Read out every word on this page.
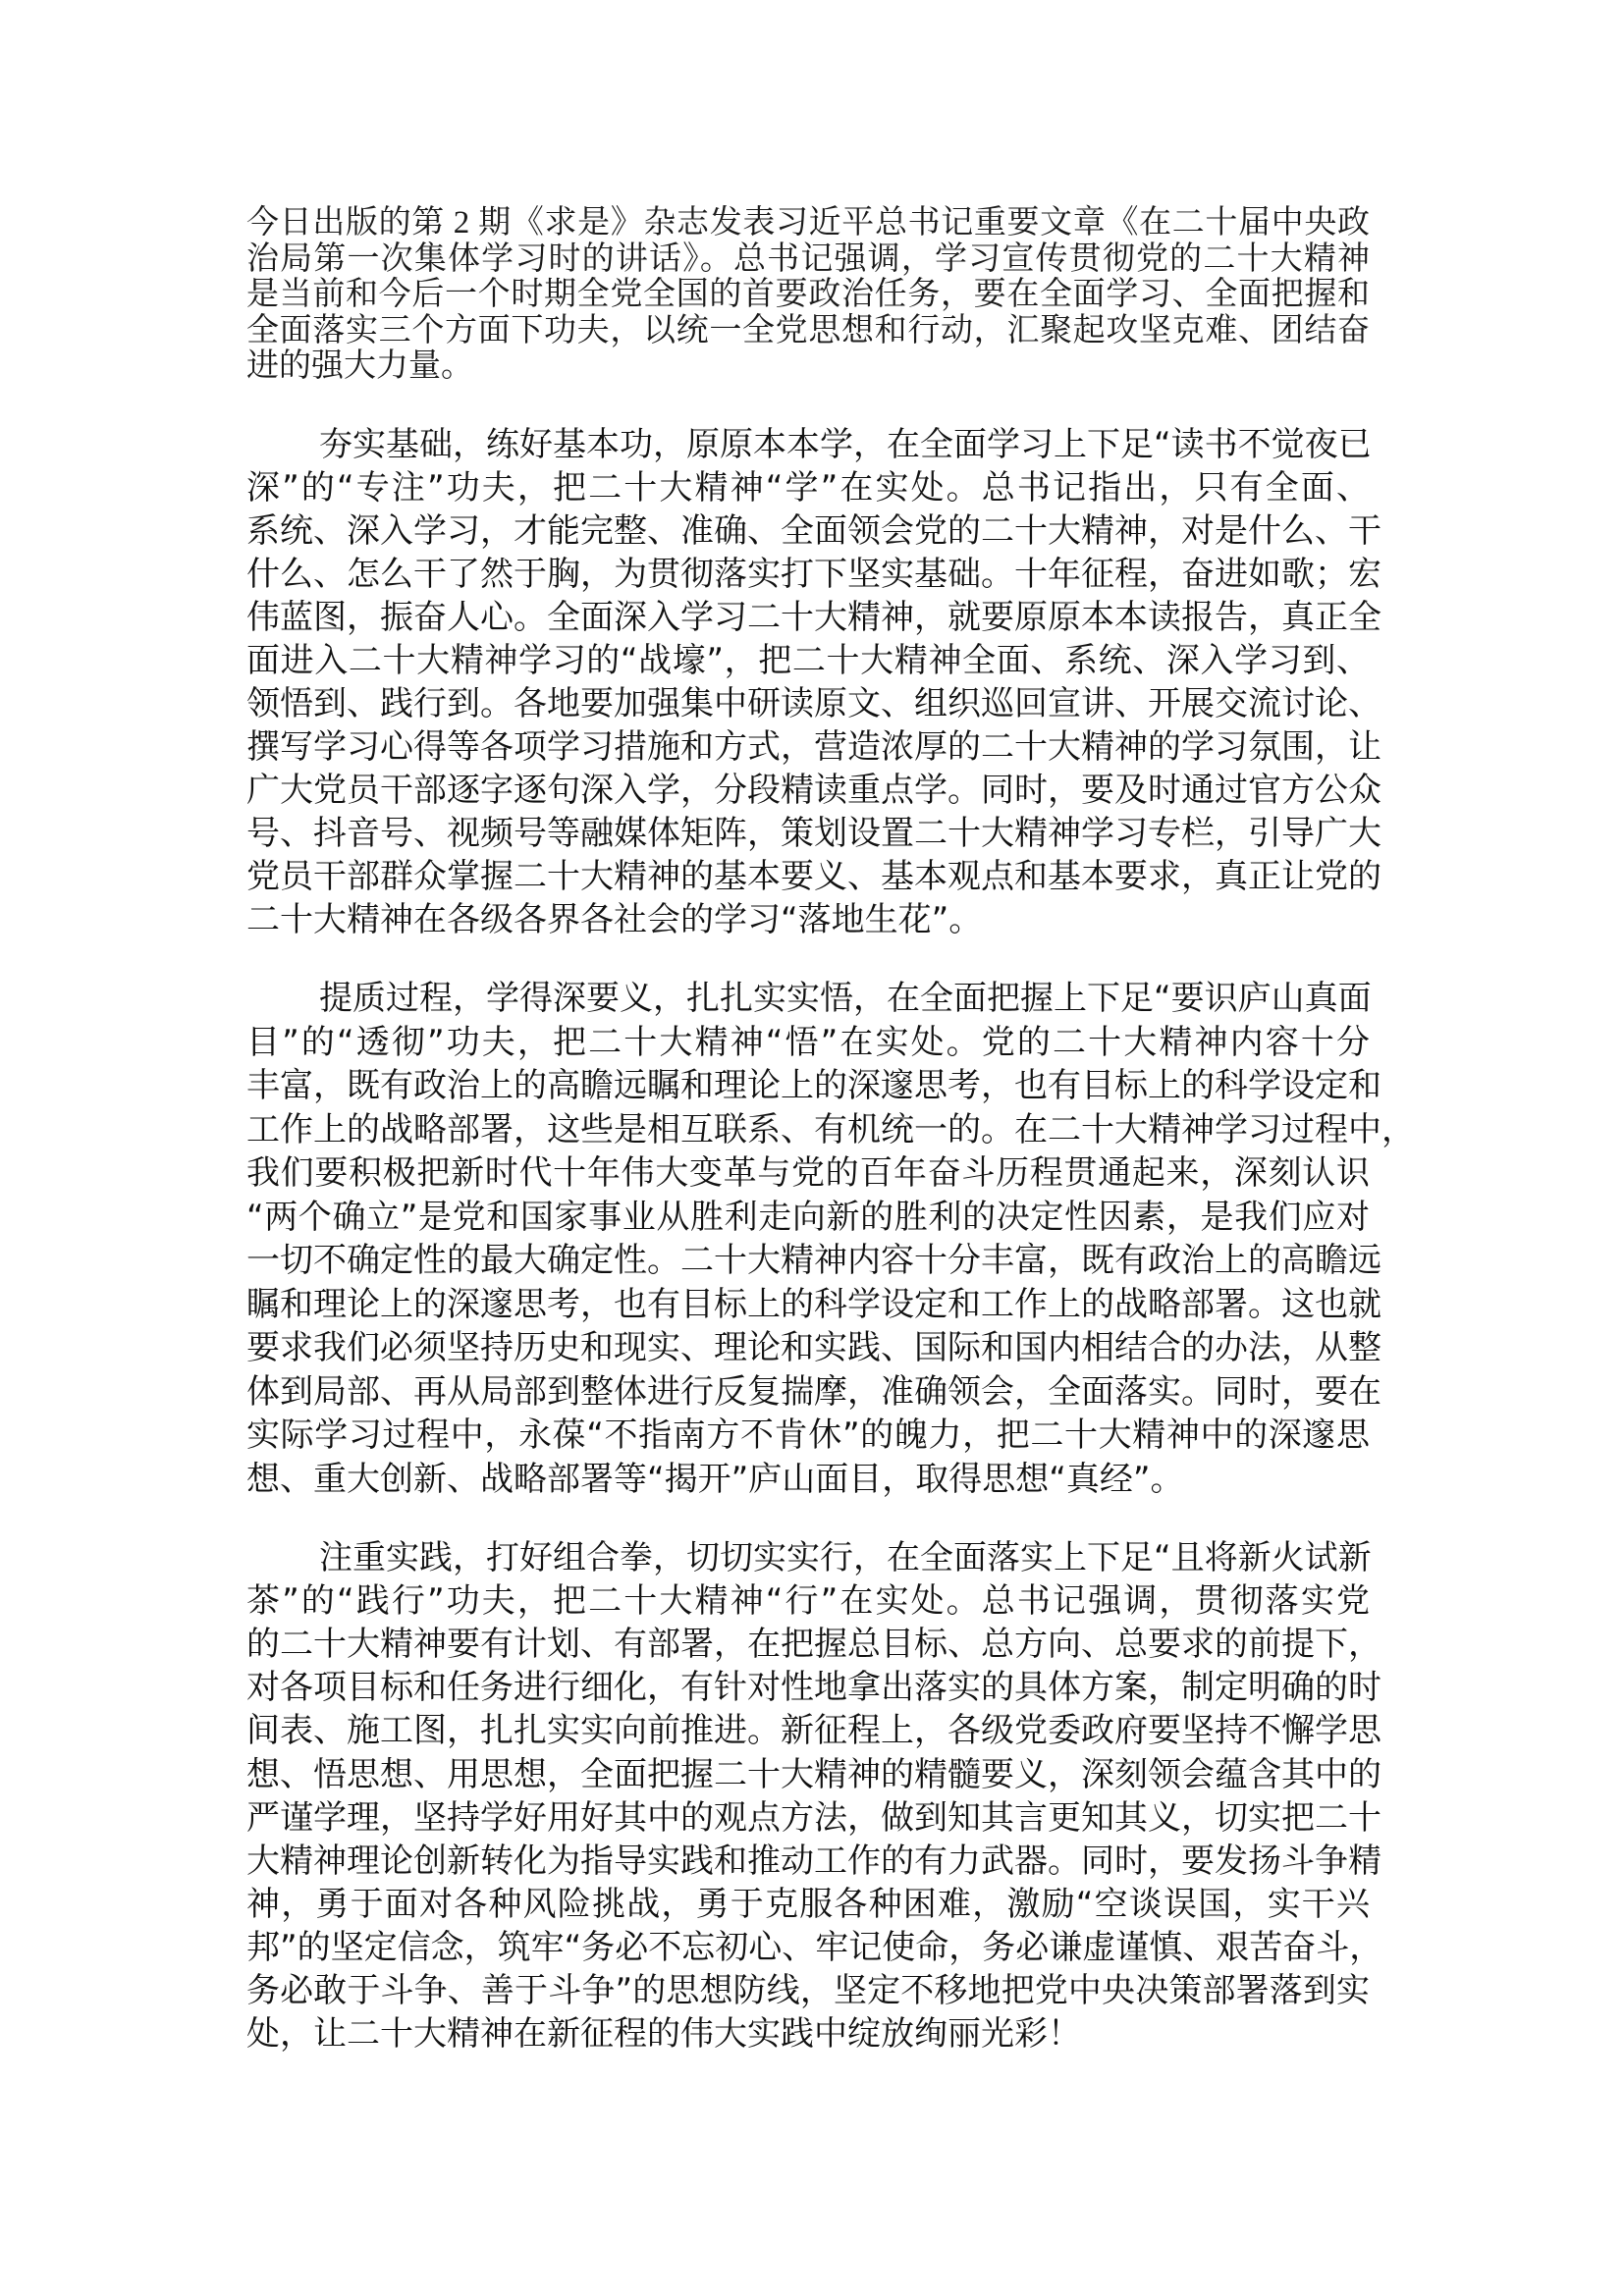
今日出版的第 2 期《求是》杂志发表习近平总书记重要文章《在二十届中央政
治局第一次集体学习时的讲话》。总书记强调，学习宣传贯彻党的二十大精神
是当前和今后一个时期全党全国的首要政治任务，要在全面学习、全面把握和
全面落实三个方面下功夫，以统一全党思想和行动，汇聚起攻坚克难、团结奋
进的强大力量。
夯实基础，练好基本功，原原本本学，在全面学习上下足“读书不觉夜已
深”的“专注”功夫，把二十大精神“学”在实处。总书记指出，只有全面、
系统、深入学习，才能完整、准确、全面领会党的二十大精神，对是什么、干
什么、怎么干了然于胸，为贯彻落实打下坚实基础。十年征程，奋进如歌；宏
伟蓝图，振奋人心。全面深入学习二十大精神，就要原原本本读报告，真正全
面进入二十大精神学习的“战壕”，把二十大精神全面、系统、深入学习到、
领悟到、践行到。各地要加强集中研读原文、组织巡回宣讲、开展交流讨论、
撰写学习心得等各项学习措施和方式，营造浓厚的二十大精神的学习氛围，让
广大党员干部逐字逐句深入学，分段精读重点学。同时，要及时通过官方公众
号、抖音号、视频号等融媒体矩阵，策划设置二十大精神学习专栏，引导广大
党员干部群众掌握二十大精神的基本要义、基本观点和基本要求，真正让党的
二十大精神在各级各界各社会的学习“落地生花”。
提质过程，学得深要义，扎扎实实悟，在全面把握上下足“要识庐山真面
目”的“透彻”功夫，把二十大精神“悟”在实处。党的二十大精神内容十分
丰富，既有政治上的高瞻远瞩和理论上的深邃思考，也有目标上的科学设定和
工作上的战略部署，这些是相互联系、有机统一的。在二十大精神学习过程中，
我们要积极把新时代十年伟大变革与党的百年奋斗历程贯通起来，深刻认识
“两个确立”是党和国家事业从胜利走向新的胜利的决定性因素，是我们应对
一切不确定性的最大确定性。二十大精神内容十分丰富，既有政治上的高瞻远
瞩和理论上的深邃思考，也有目标上的科学设定和工作上的战略部署。这也就
要求我们必须坚持历史和现实、理论和实践、国际和国内相结合的办法，从整
体到局部、再从局部到整体进行反复揣摩，准确领会，全面落实。同时，要在
实际学习过程中，永葆“不指南方不肯休”的魄力，把二十大精神中的深邃思
想、重大创新、战略部署等“揭开”庐山面目，取得思想“真经”。
注重实践，打好组合拳，切切实实行，在全面落实上下足“且将新火试新
茶”的“践行”功夫，把二十大精神“行”在实处。总书记强调，贯彻落实党
的二十大精神要有计划、有部署，在把握总目标、总方向、总要求的前提下，
对各项目标和任务进行细化，有针对性地拿出落实的具体方案，制定明确的时
间表、施工图，扎扎实实向前推进。新征程上，各级党委政府要坚持不懈学思
想、悟思想、用思想，全面把握二十大精神的精髓要义，深刻领会蕴含其中的
严谨学理，坚持学好用好其中的观点方法，做到知其言更知其义，切实把二十
大精神理论创新转化为指导实践和推动工作的有力武器。同时，要发扬斗争精
神，勇于面对各种风险挑战，勇于克服各种困难，激励“空谈误国，实干兴
邦”的坚定信念，筑牢“务必不忘初心、牢记使命，务必谦虚谨慎、艰苦奋斗，
务必敢于斗争、善于斗争”的思想防线，坚定不移地把党中央决策部署落到实
处，让二十大精神在新征程的伟大实践中绽放绚丽光彩！
